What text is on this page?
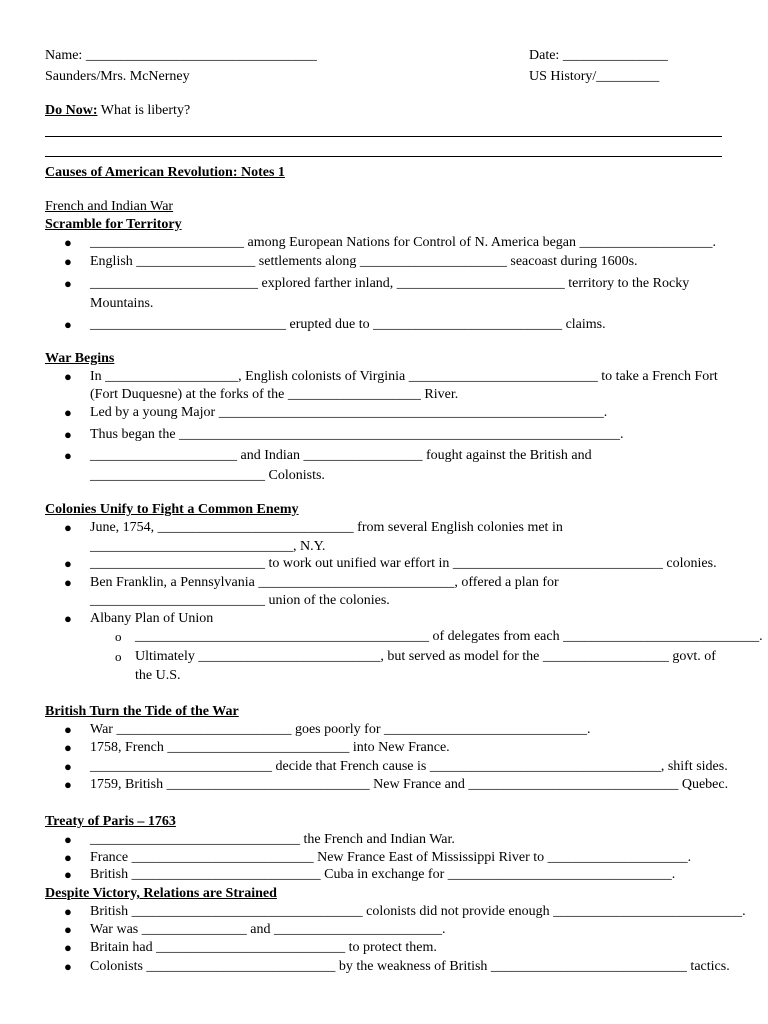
Name: _________________________________	Date: _______________
Saunders/Mrs. McNerney	US History/_________
Do Now: What is liberty?
Causes of American Revolution: Notes 1
French and Indian War
Scramble for Territory
● ______________________ among European Nations for Control of N. America began ___________________.
● English _________________ settlements along _____________________ seacoast during 1600s.
● ________________________ explored farther inland, ________________________ territory to the Rocky
Mountains.
● ____________________________ erupted due to ___________________________ claims.
War Begins
● In ___________________, English colonists of Virginia ___________________________ to take a French Fort
(Fort Duquesne) at the forks of the ___________________ River.
● Led by a young Major _______________________________________________________.
● Thus began the _______________________________________________________________.
● _____________________ and Indian _________________ fought against the British and
_________________________ Colonists.
Colonies Unify to Fight a Common Enemy
● June, 1754, ____________________________ from several English colonies met in
_____________________________, N.Y.
● _________________________ to work out unified war effort in ______________________________ colonies.
● Ben Franklin, a Pennsylvania ____________________________, offered a plan for
_________________________ union of the colonies.
● Albany Plan of Union
o __________________________________________ of delegates from each ____________________________.
o Ultimately __________________________, but served as model for the __________________ govt. of
the U.S.
British Turn the Tide of the War
● War _________________________ goes poorly for _____________________________.
● 1758, French __________________________ into New France.
● __________________________ decide that French cause is _________________________________, shift sides.
● 1759, British _____________________________ New France and ______________________________ Quebec.
Treaty of Paris – 1763
● ______________________________ the French and Indian War.
● France __________________________ New France East of Mississippi River to ____________________.
● British ___________________________ Cuba in exchange for ________________________________.
Despite Victory, Relations are Strained
● British _________________________________ colonists did not provide enough ___________________________.
● War was _______________ and ________________________.
● Britain had ___________________________ to protect them.
● Colonists ___________________________ by the weakness of British ____________________________ tactics.
